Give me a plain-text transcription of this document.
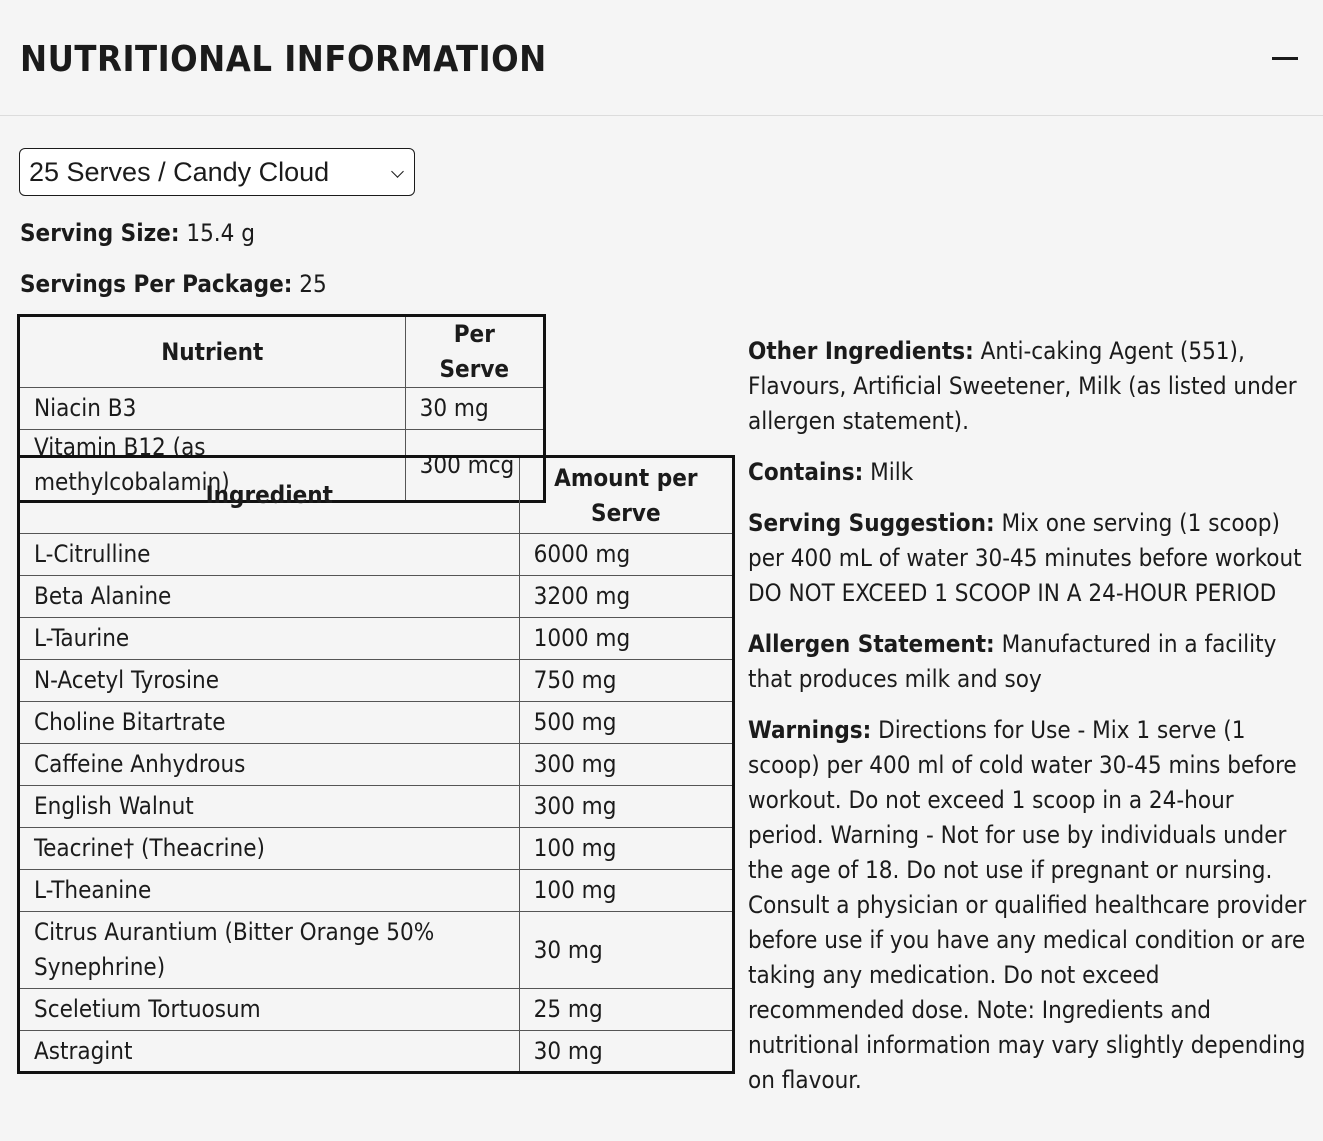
NUTRITIONAL INFORMATION
25 Serves / Candy Cloud
Serving Size: 15.4 g
Servings Per Package: 25
Nutrient	Per Serve
Niacin B3	30 mg
Vitamin B12 (as methylcobalamin)	300 mcg
Ingredient	Amount per Serve
L-Citrulline	6000 mg
Beta Alanine	3200 mg
L-Taurine	1000 mg
N-Acetyl Tyrosine	750 mg
Choline Bitartrate	500 mg
Caffeine Anhydrous	300 mg
English Walnut	300 mg
Teacrine† (Theacrine)	100 mg
L-Theanine	100 mg
Citrus Aurantium (Bitter Orange 50% Synephrine)	30 mg
Sceletium Tortuosum	25 mg
Astragint	30 mg

Other Ingredients: Anti-caking Agent (551), Flavours, Artificial Sweetener, Milk (as listed under allergen statement).

Contains: Milk

Serving Suggestion: Mix one serving (1 scoop) per 400 mL of water 30-45 minutes before workout DO NOT EXCEED 1 SCOOP IN A 24-HOUR PERIOD

Allergen Statement: Manufactured in a facility that produces milk and soy

Warnings: Directions for Use - Mix 1 serve (1 scoop) per 400 ml of cold water 30-45 mins before workout. Do not exceed 1 scoop in a 24-hour period. Warning - Not for use by individuals under the age of 18. Do not use if pregnant or nursing. Consult a physician or qualified healthcare provider before use if you have any medical condition or are taking any medication. Do not exceed recommended dose. Note: Ingredients and nutritional information may vary slightly depending on flavour.
